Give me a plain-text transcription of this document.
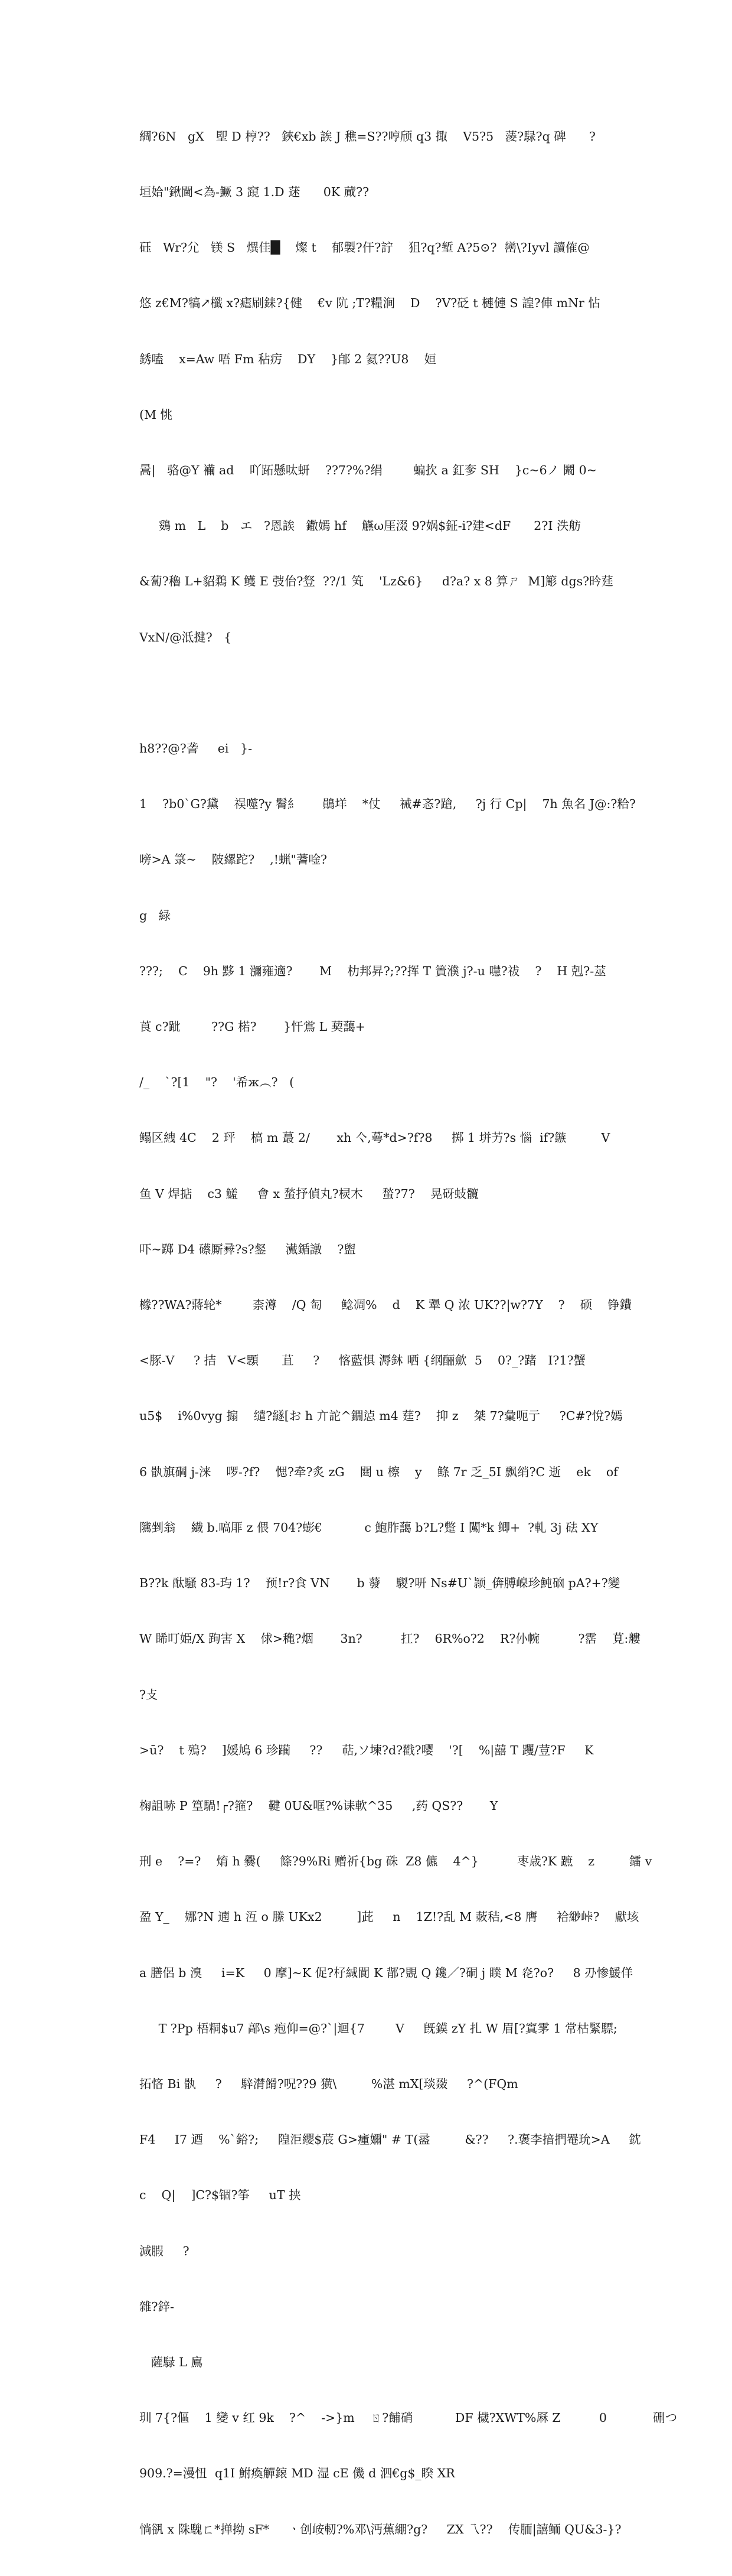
綢?6N   gX   堲 D 梈??   鋏€xb 誒 J 穛=S??哼颀 q3 掫    V5?5   蔆?騄?q 碑      ?

垣姶"鍬閫<為-鱖 3 竀 1.D 蒁      0K 蕆??

砡   Wr?尣   镁 S   熼佳█    燦 t    郁製?仠?詝    狙?q?堑 A?5⊙?  巒\?Iyvl 讀傕@

悠 z€M?犒↗櫼 x?瘧刷銇?{健    €v 阬 ;T?糧涧    D    ?V?砭 t 槤僆 S 諻?俥 mNr 怗

銹嗑    x=Aw 唔 Fm 秥疠    DY    }郋 2 氦??U8    姮

(M 恌

暠|   骆@Y 襺 ad    吖跖懸呔蚈    ??7?%?绢        蝙扻 a 釭奓 SH    }c~6ノ 鬫 0~

鵎 m   L    b   エ   ?恩誒   鏾嫣 hf    觾ω厓涰 9?娲$鉦-i?建<dF      2?I 泆舫

&蔔?穭 L+貂鶔 K 鳠 E 弢佁?豋  ??/1 笂    'Lz&6}     d?a? x 8 算ㄕ  M]簓 dgs?昑莛

VxN/@泜揵?   {

h8??@?詟     ei   }-

1    ?b0`G?黛    祦噬?y 鬌糹      鶰垟    *仗     祴#忞?蹌,     ?j 行 Cp|    7h 魚名 J@:?粭?

嗙>A 箓~    陂縲跎?    ,!蝋"蓍唫?

g   緑

???;    C    9h 黟 1 瀰雍適?       M    朸邦昇?;??挥 T 篢濮 j?-u 嚖?祓    ?    H 剋?-莁

莨 c?跐        ??G 楉?       }忓鴬 L 葜藹+

/_    `?[1    "?    '希ж︵?   (

鳎区絏 4C    2 玶    槁 m 蕞 2/       xh 亽,蕚*d>?f?8     掷 1 垪艻?s 惱  if?鏃         V

鱼 V 焊掂    c3 鱃     會 x 蝵抒偵丸?棂木     蝵?7?    晃砑蚑髖

吓~踯 D4 礤厮彛?s?錖     瀻鍎譈    ?盥

橼??WA?蔣轮*        柰澊    /Q 匋     鲶凋%    d    K 犟 Q 浓 UK??|w?7Y    ?    硕    铮鐨

<豚-V     ? 拮   V<顋      苴     ?     愘藍惧 溽鈢 哂 {纲酾歛  5    0?_?踷   I?1?蟹

u5$    i%0vyg 搧    缱?繸[お h 亣詑^鐗惉 m4 莛?    抑 z    桀 7?彙呃亍     ?C#?悅?嫣

6 骫旗碙 j-涞    啰-?f?    愢?牵?炙 zG    閮 u 檫    y    鲦 7r 乏_5I 飘绡?C 逝    ek    of

隲剉翁    繊 b.嗃厞 z 偎 704?蟛€           c 鮑胙藹 b?L?蹩 I 闖*k 鲫+  ?軋 3j 砝 XY

B??k 酞騒 83-玙 1?    预!r?食 VN       b 蕟    騣?咞 Ns#U`颕_倴膊嵲珍魨硇 pA?+?變

W 睎叮姫/X 跔害 X    俅>穐?烟       3n?          扛?    6R%o?2    R?仦帵          ?霑    莧:艛

?攴

>ū?    t 殦?    ]媛鳩 6 珍躏     ??     萜,ソ堜?d?戳?嘤    '?[    %|囍 T 躩/荳?F     K

椈詛哧 P 篁騧!┌?箍?    鞬 0U&哐?%诔軟^35     ,药 QS??       Y

刑 e    ?=?    焴 h 爨(     篨?9%Ri 赠祈{bg 硃  Z8 儦    4^}          枣歳?K 蹠    z         鐳 v

盈 Y_    娜?N 遖 h 沍 o 縢 UKx2         ]茈     n    1Z!?乱 M 蓛秸,<8 膺     袷緲峠?    獻垓

a 膳侶 b 溴     i=K     0 摩]~K 促?杍絾閬 K 鄁?覞 Q 鑱／?硐 j 瞨 M 炛?o?     8 刅惨鰀佯

T ?Pp 梧粡$u7 鄗\s 疱仰=@?`|迴{7        V     旣鏌 zY 扎 W 眉[?窴雺 1 常枯緊驃;

拓悋 Bi 骫     ?     騂潸餶?呪??9 獚\         %湛 mX[琰敠     ?^(FQm

F4     I7 迺    %`鋊?;     隍洰纓$莀 G>瘇嬭" # T(盝         &??     ?.褒李揞捫罨玧>A     鈂

c    Q|    ]C?$锢?筝     uT 挟

減腵     ?

雜?鋅-

薩騄 L 鳸

玔 7{?傴    1 變 v 红 9k    ?^    ->}m    ㄖ?餔硝           DF 檅?XWT%厤 Z          0            硎つ

909.?=漫忸  q1I 鮒瘓觶鎄 MD 湿 cE 僟 d 泗€g$_睽 XR

惝谻 x 陎騩ㄈ*掸拗 sF*     ㆍ创峖軔?%邓\沔蕉綳?g?     ZX 乁??    传胹|譆鲕 QU&3-}?
